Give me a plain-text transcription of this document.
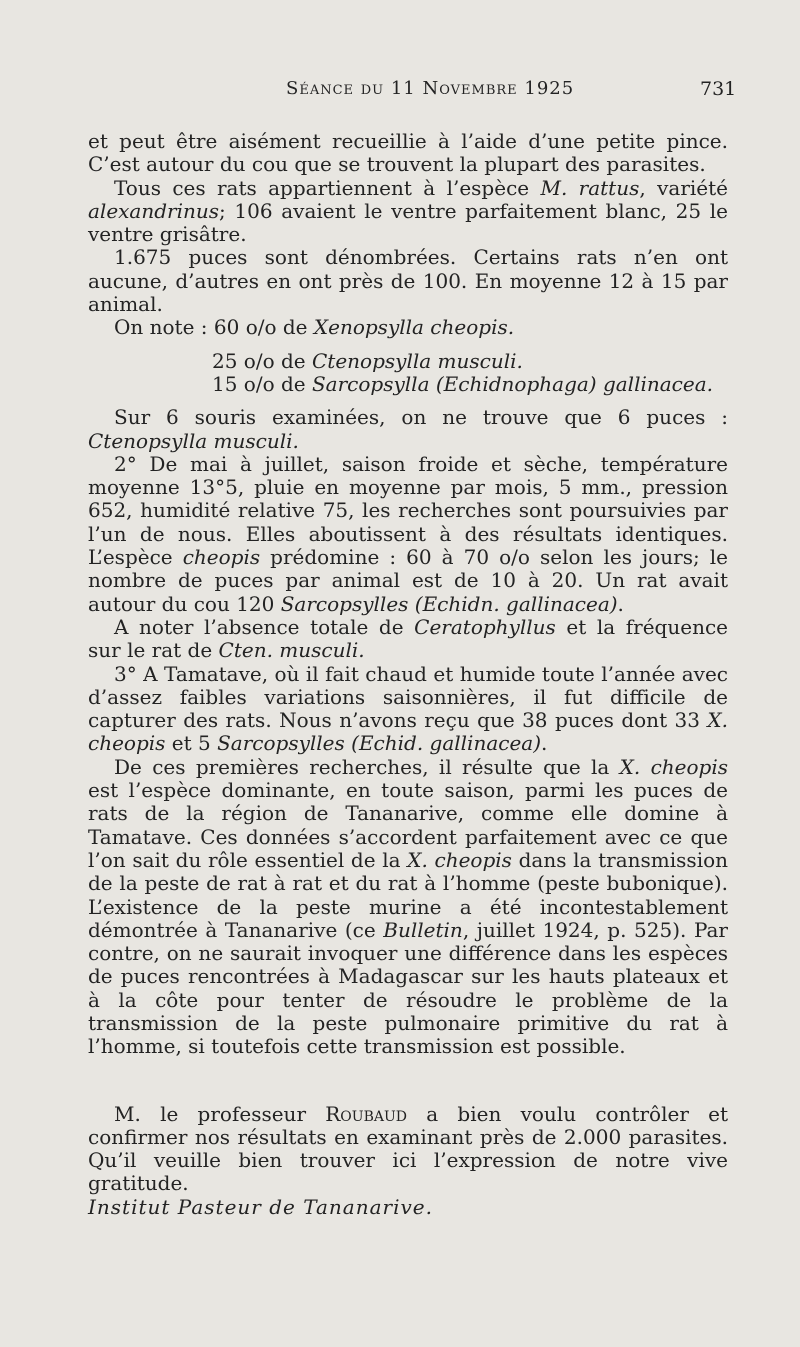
Séance du 11 Novembre 1925	731

et peut être aisément recueillie à l’aide d’une petite pince. C’est autour du cou que se trouvent la plupart des parasites.

Tous ces rats appartiennent à l’espèce M. rattus, variété alexandrinus; 106 avaient le ventre parfaitement blanc, 25 le ventre grisâtre.

1.675 puces sont dénombrées. Certains rats n’en ont aucune, d’autres en ont près de 100. En moyenne 12 à 15 par animal.

On note : 60 o/o de Xenopsylla cheopis.

25 o/o de Ctenopsylla musculi.
15 o/o de Sarcopsylla (Echidnophaga) gallinacea.

Sur 6 souris examinées, on ne trouve que 6 puces : Ctenopsylla musculi.

2° De mai à juillet, saison froide et sèche, température moyenne 13°5, pluie en moyenne par mois, 5 mm., pression 652, humidité relative 75, les recherches sont poursuivies par l’un de nous. Elles aboutissent à des résultats identiques. L’espèce cheopis prédomine : 60 à 70 o/o selon les jours; le nombre de puces par animal est de 10 à 20. Un rat avait autour du cou 120 Sarcopsylles (Echidn. gallinacea).

A noter l’absence totale de Ceratophyllus et la fréquence sur le rat de Cten. musculi.

3° A Tamatave, où il fait chaud et humide toute l’année avec d’assez faibles variations saisonnières, il fut difficile de capturer des rats. Nous n’avons reçu que 38 puces dont 33 X. cheopis et 5 Sarcopsylles (Echid. gallinacea).

De ces premières recherches, il résulte que la X. cheopis est l’espèce dominante, en toute saison, parmi les puces de rats de la région de Tananarive, comme elle domine à Tamatave. Ces données s’accordent parfaitement avec ce que l’on sait du rôle essentiel de la X. cheopis dans la transmission de la peste de rat à rat et du rat à l’homme (peste bubonique). L’existence de la peste murine a été incontestablement démontrée à Tananarive (ce Bulletin, juillet 1924, p. 525). Par contre, on ne saurait invoquer une différence dans les espèces de puces rencontrées à Madagascar sur les hauts plateaux et à la côte pour tenter de résoudre le problème de la transmission de la peste pulmonaire primitive du rat à l’homme, si toutefois cette transmission est possible.

M. le professeur Roubaud a bien voulu contrôler et confirmer nos résultats en examinant près de 2.000 parasites. Qu’il veuille bien trouver ici l’expression de notre vive gratitude.

Institut Pasteur de Tananarive.
